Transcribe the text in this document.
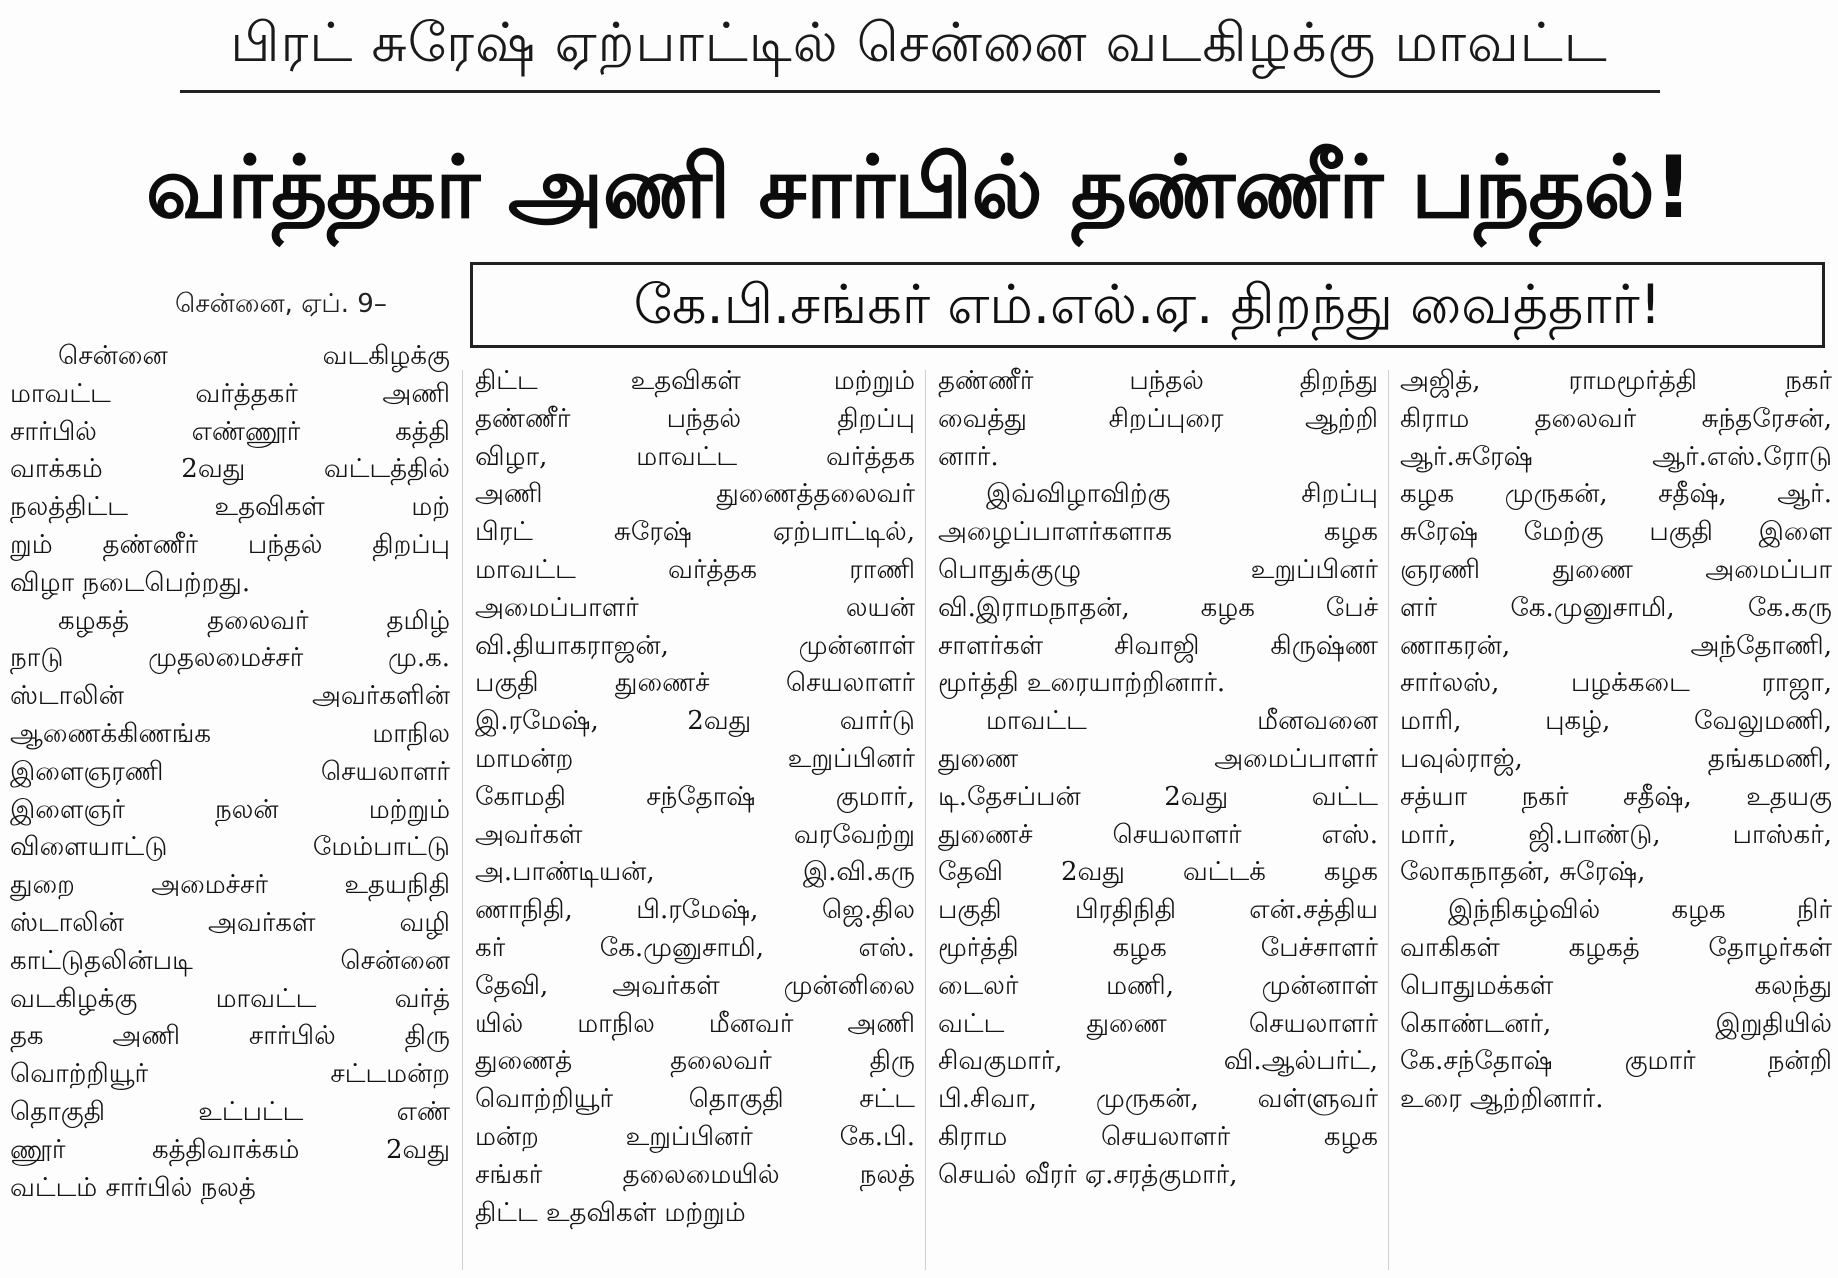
பிரட் சுரேஷ் ஏற்பாட்டில் சென்னை வடகிழக்கு மாவட்ட
வர்த்தகர் அணி சார்பில் தண்ணீர் பந்தல்!
சென்னை, ஏப். 9–	கே.பி.சங்கர் எம்.எல்.ஏ. திறந்து வைத்தார்!

சென்னை வடகிழக்கு

மாவட்ட வர்த்தகர் அணி

சார்பில் எண்ணூர் கத்தி

வாக்கம் 2வது வட்டத்தில்

நலத்திட்ட உதவிகள் மற்

றும் தண்ணீர் பந்தல் திறப்பு

விழா நடைபெற்றது.

கழகத் தலைவர் தமிழ்

நாடு முதலமைச்சர் மு.க.

ஸ்டாலின் அவர்களின்

ஆணைக்கிணங்க மாநில

இளைஞரணி செயலாளர்

இளைஞர் நலன் மற்றும்

விளையாட்டு மேம்பாட்டு

துறை அமைச்சர் உதயநிதி

ஸ்டாலின் அவர்கள் வழி

காட்டுதலின்படி சென்னை

வடகிழக்கு மாவட்ட வர்த்

தக அணி சார்பில் திரு

வொற்றியூர் சட்டமன்ற

தொகுதி உட்பட்ட எண்

ணூர் கத்திவாக்கம் 2வது

வட்டம் சார்பில் நலத்

திட்ட உதவிகள் மற்றும்

தண்ணீர் பந்தல் திறப்பு

விழா, மாவட்ட வர்த்தக

அணி துணைத்தலைவர்

பிரட் சுரேஷ் ஏற்பாட்டில்,

மாவட்ட வர்த்தக ராணி

அமைப்பாளர் லயன்

வி.தியாகராஜன், முன்னாள்

பகுதி துணைச் செயலாளர்

இ.ரமேஷ், 2வது வார்டு

மாமன்ற உறுப்பினர்

கோமதி சந்தோஷ் குமார்,

அவர்கள் வரவேற்று

அ.பாண்டியன், இ.வி.கரு

ணாநிதி, பி.ரமேஷ், ஜெ.தில

கர் கே.முனுசாமி, எஸ்.

தேவி, அவர்கள் முன்னிலை

யில் மாநில மீனவர் அணி

துணைத் தலைவர் திரு

வொற்றியூர் தொகுதி சட்ட

மன்ற உறுப்பினர் கே.பி.

சங்கர் தலைமையில் நலத்

திட்ட உதவிகள் மற்றும்

தண்ணீர் பந்தல் திறந்து

வைத்து சிறப்புரை ஆற்றி

னார்.

இவ்விழாவிற்கு சிறப்பு

அழைப்பாளர்களாக கழக

பொதுக்குழு உறுப்பினர்

வி.இராமநாதன், கழக பேச்

சாளர்கள் சிவாஜி கிருஷ்ண

மூர்த்தி உரையாற்றினார்.

மாவட்ட மீனவனை

துணை அமைப்பாளர்

டி.தேசப்பன் 2வது வட்ட

துணைச் செயலாளர் எஸ்.

தேவி 2வது வட்டக் கழக

பகுதி பிரதிநிதி என்.சத்திய

மூர்த்தி கழக பேச்சாளர்

டைலர் மணி, முன்னாள்

வட்ட துணை செயலாளர்

சிவகுமார், வி.ஆல்பர்ட்,

பி.சிவா, முருகன், வள்ளுவர்

கிராம செயலாளர் கழக

செயல் வீரர் ஏ.சரத்குமார்,

அஜித், ராமமூர்த்தி நகர்

கிராம தலைவர் சுந்தரேசன்,

ஆர்.சுரேஷ் ஆர்.எஸ்.ரோடு

கழக முருகன், சதீஷ், ஆர்.

சுரேஷ் மேற்கு பகுதி இளை

ஞரணி துணை அமைப்பா

ளர் கே.முனுசாமி, கே.கரு

ணாகரன், அந்தோணி,

சார்லஸ், பழக்கடை ராஜா,

மாரி, புகழ், வேலுமணி,

பவுல்ராஜ், தங்கமணி,

சத்யா நகர் சதீஷ், உதயகு

மார், ஜி.பாண்டு, பாஸ்கர்,

லோகநாதன், சுரேஷ்,

இந்நிகழ்வில் கழக நிர்

வாகிகள் கழகத் தோழர்கள்

பொதுமக்கள் கலந்து

கொண்டனர், இறுதியில்

கே.சந்தோஷ் குமார் நன்றி

உரை ஆற்றினார்.
